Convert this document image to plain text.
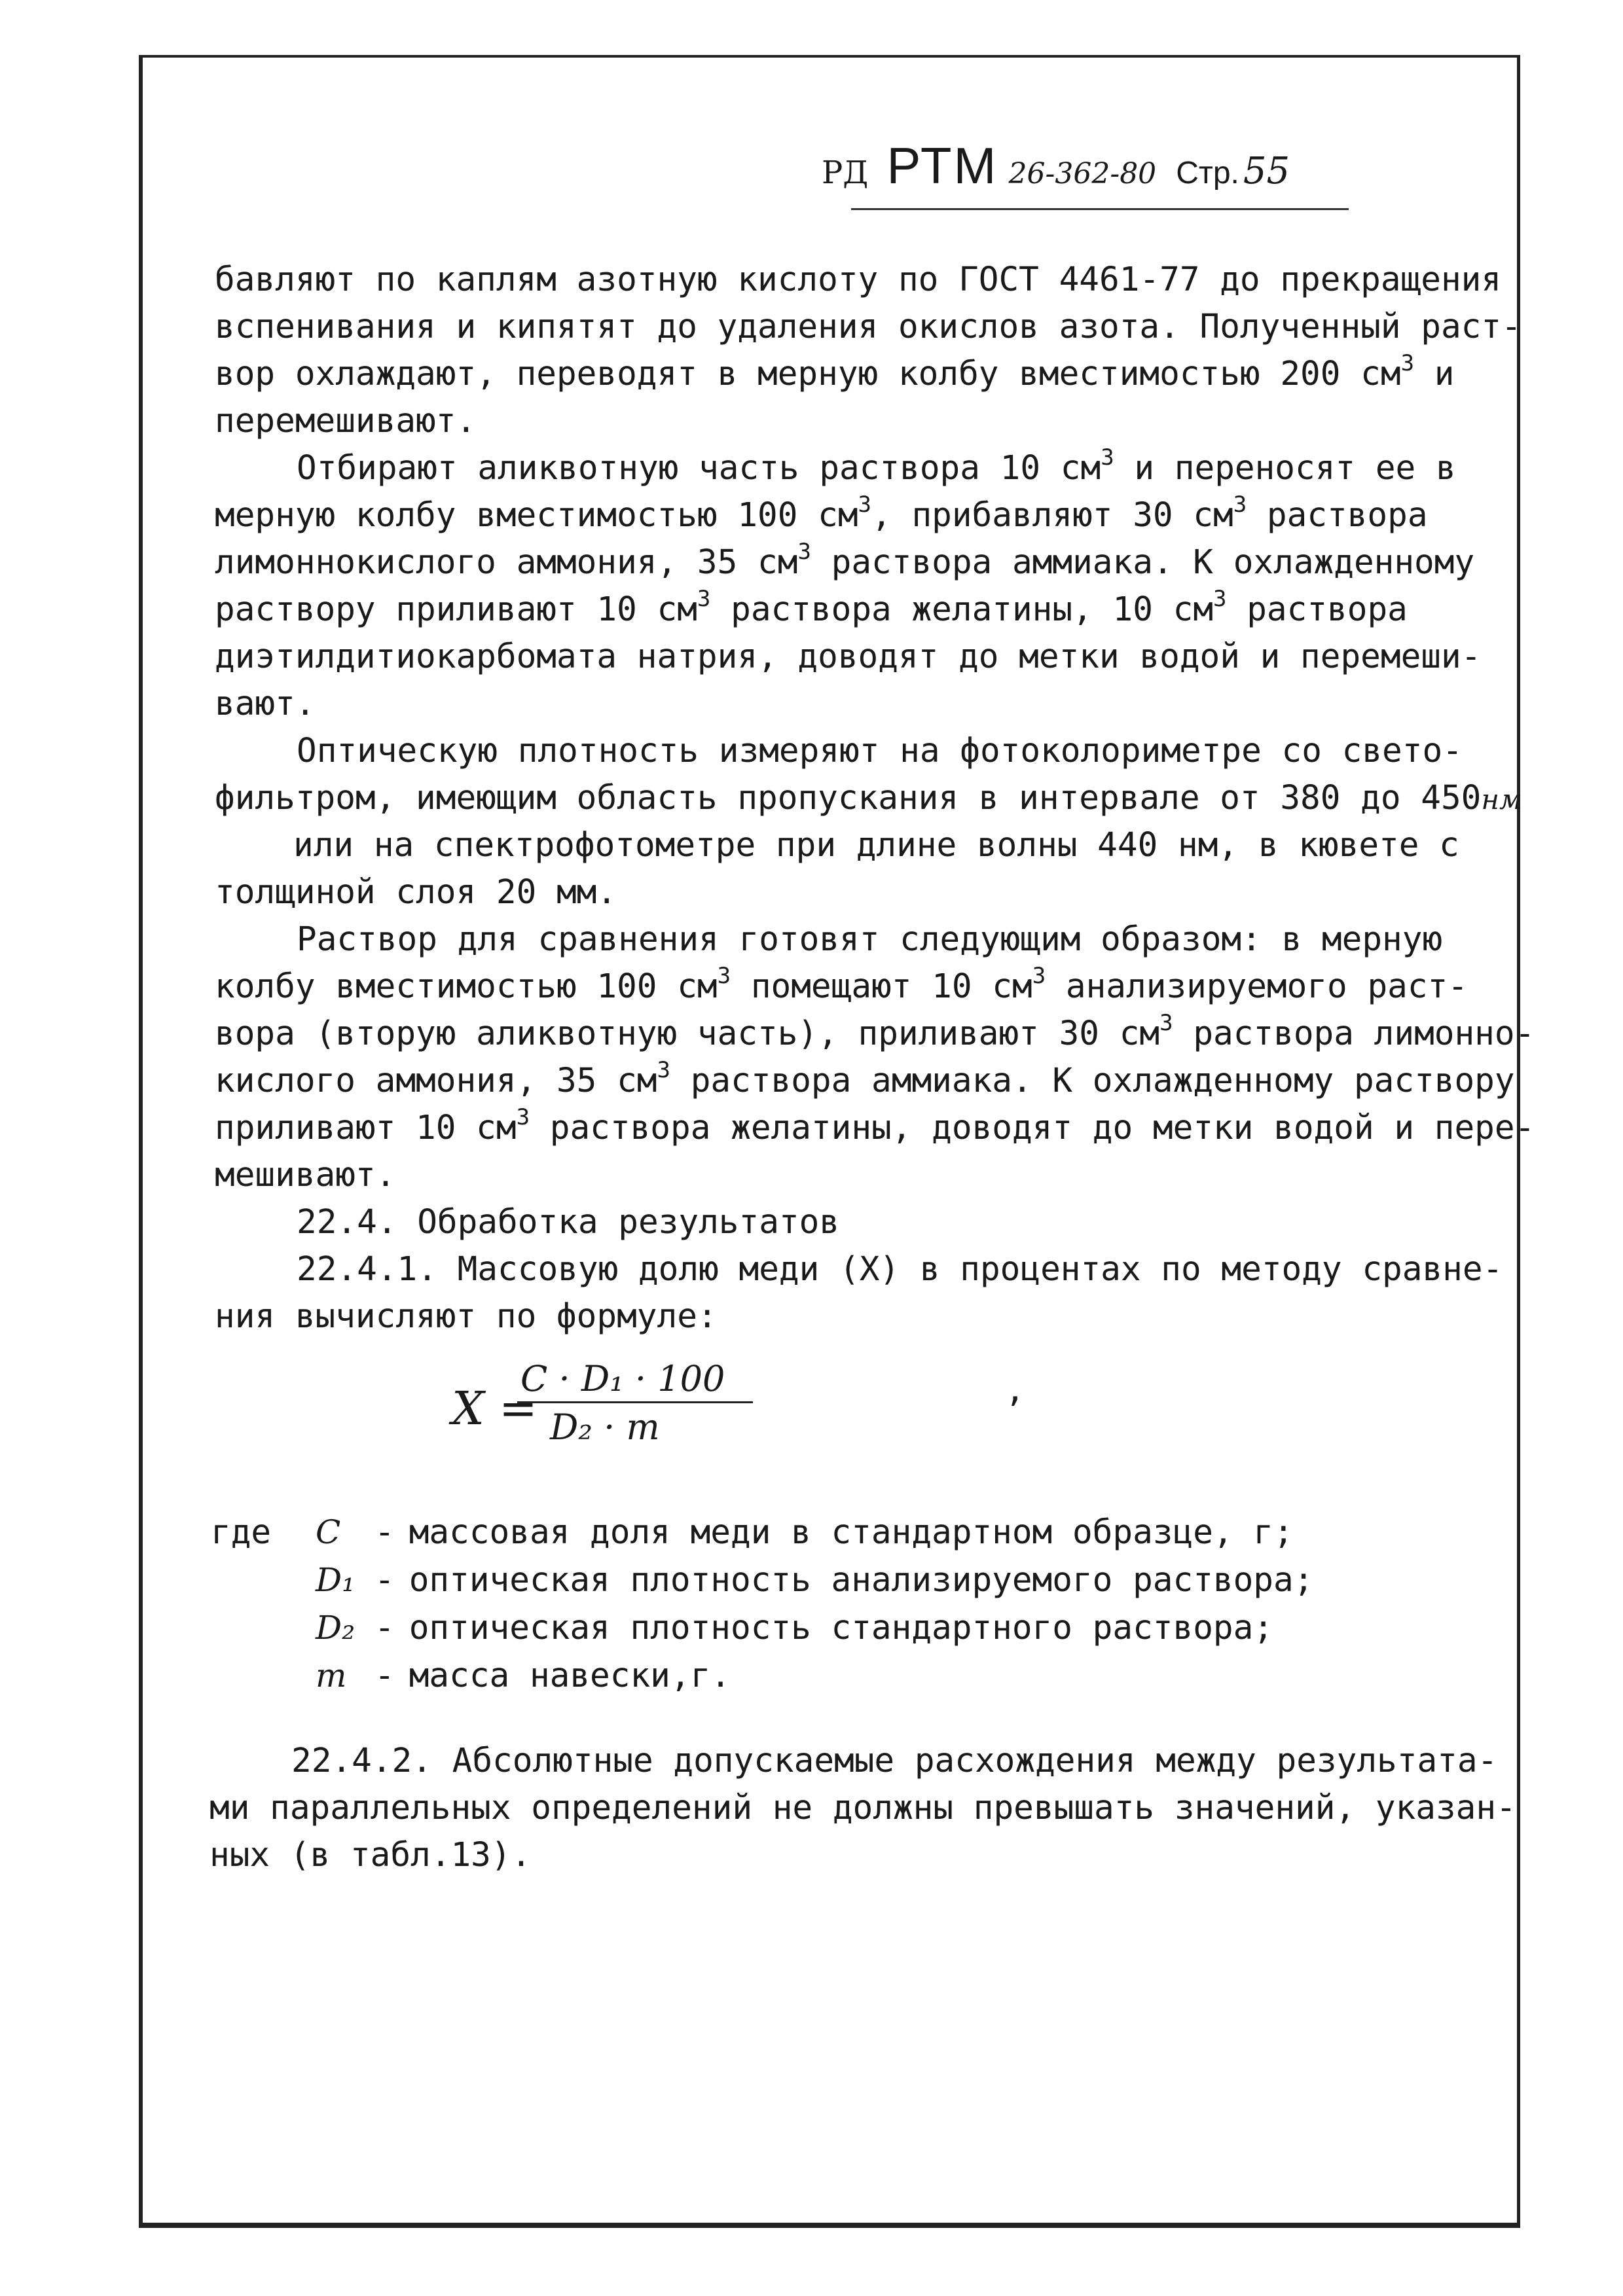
РД РТМ 26-362-80 Стр. 55
бавляют по каплям азотную кислоту по ГОСТ 4461-77 до прекращения
вспенивания и кипятят до удаления окислов азота. Полученный раст-
вор охлаждают, переводят в мерную колбу вместимостью 200 $см^3$ и
перемешивают.
Отбирают аликвотную часть раствора 10 $см^3$ и переносят ее в
мерную колбу вместимостью 100 $см^3$, прибавляют 30 $см^3$ раствора
лимоннокислого аммония, 35 $см^3$ раствора аммиака. К охлажденному
раствору приливают 10 $см^3$ раствора желатины, 10 $см^3$ раствора
диэтилдитиокарбомата натрия, доводят до метки водой и перемеши-
вают.
Оптическую плотность измеряют на фотоколориметре со свето-
фильтром, имеющим область пропускания в интервале от 380 до 450нм
или на спектрофотометре при длине волны 440 нм, в кювете с
толщиной слоя 20 мм.
Раствор для сравнения готовят следующим образом: в мерную
колбу вместимостью 100 $см^3$ помещают 10 $см^3$ анализируемого раст-
вора (вторую аликвотную часть), приливают 30 $см^3$ раствора лимонно-
кислого аммония, 35 $см^3$ раствора аммиака. К охлажденному раствору
приливают 10 $см^3$ раствора желатины, доводят до метки водой и пере-
мешивают.
22.4. Обработка результатов
22.4.1. Массовую долю меди (X) в процентах по методу сравне-
ния вычисляют по формуле:
X =
C · D₁ · 100
D₂ · m
,
где	C	- массовая доля меди в стандартном образце, г;
D₁ - оптическая плотность анализируемого раствора;
D₂ - оптическая плотность стандартного раствора;
m - масса навески,г.
22.4.2. Абсолютные допускаемые расхождения между результата-
ми параллельных определений не должны превышать значений, указан-
ных (в табл.13).
